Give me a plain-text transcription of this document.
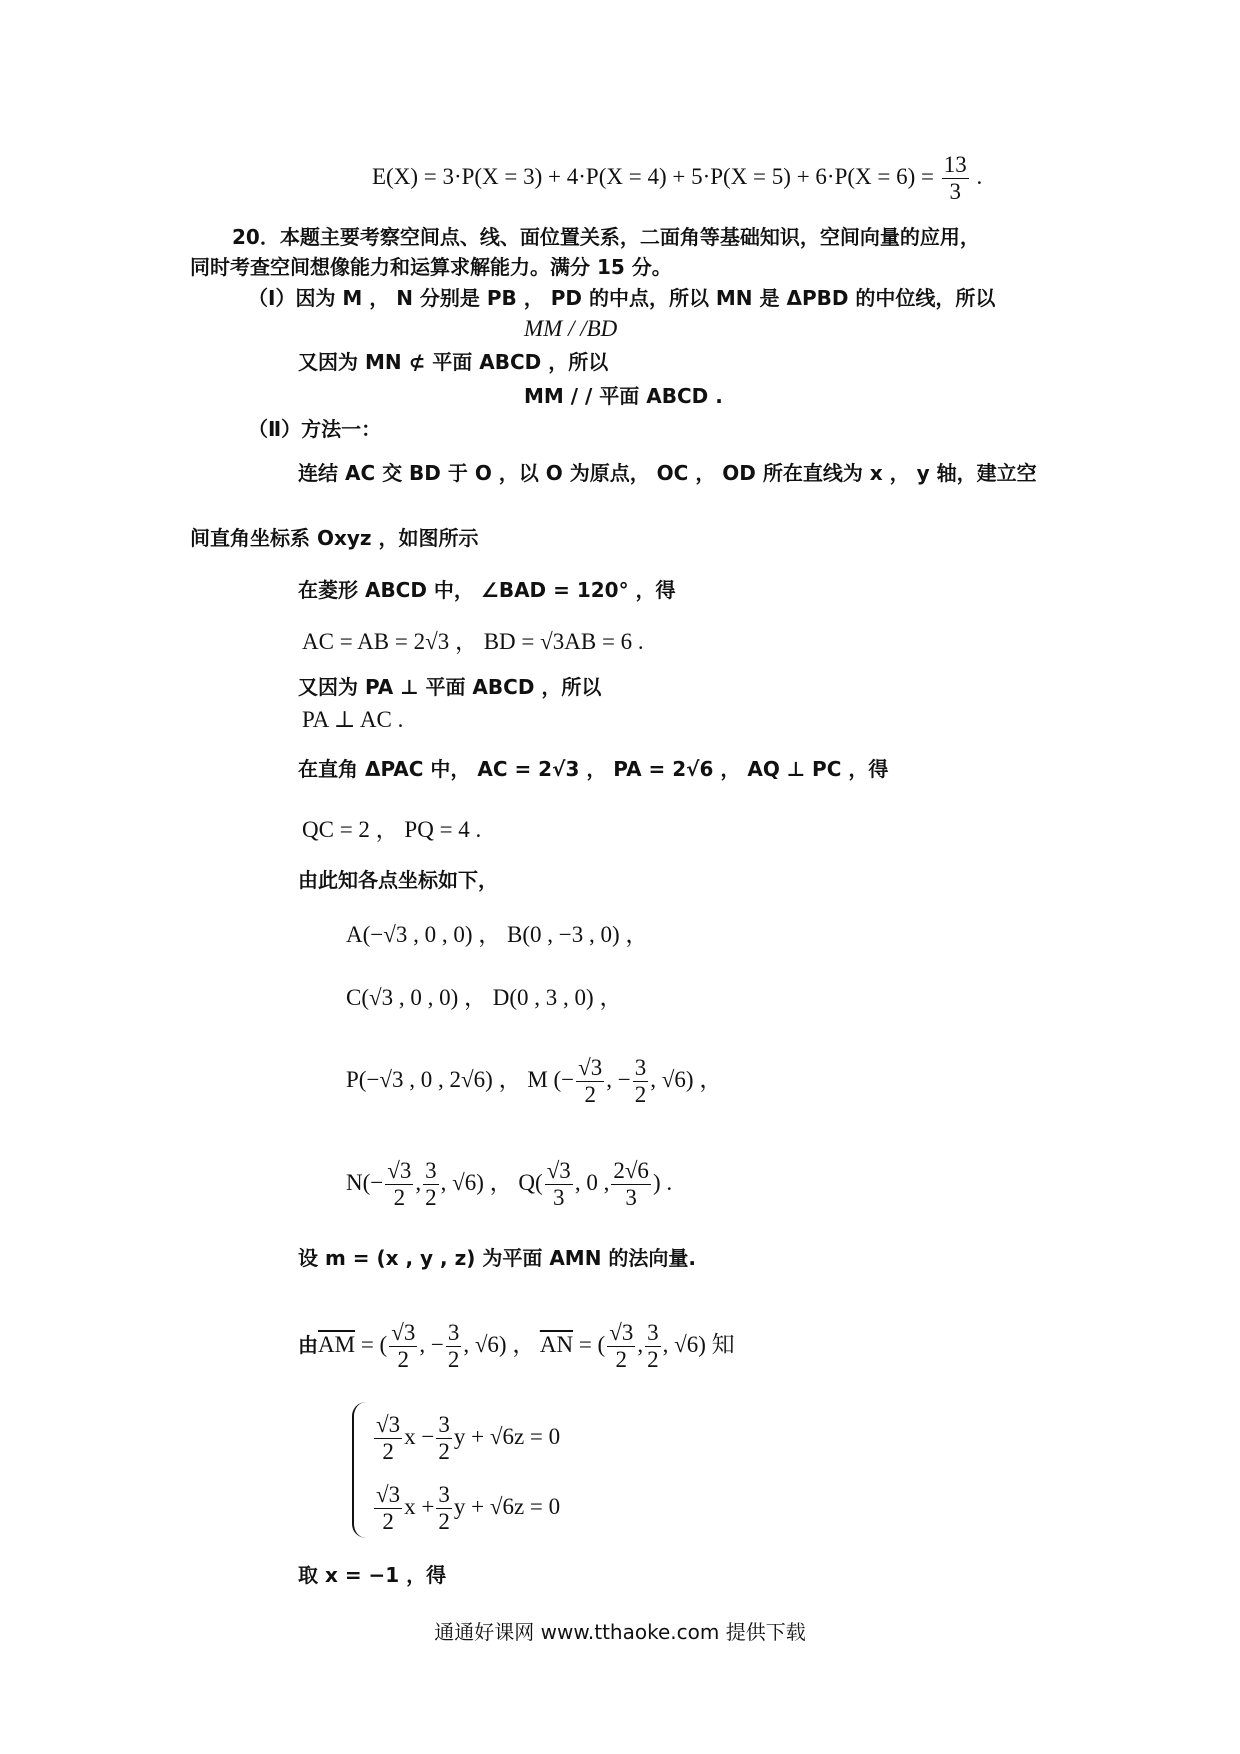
$E(X) = 3\cdot P(X = 3) + 4\cdot P(X = 4) + 5\cdot P(X = 5) + 6\cdot P(X = 6) = \frac{13}{3}$ .
20．本题主要考察空间点、线、面位置关系，二面角等基础知识，空间向量的应用，
同时考查空间想像能力和运算求解能力。满分 15 分。
（Ⅰ）因为 M ， N 分别是 PB ， PD 的中点，所以 MN 是 ΔPBD 的中位线，所以
MM / /BD
又因为 MN ⊄ 平面 ABCD ，所以
MM / / 平面 ABCD .
（Ⅱ）方法一：
连结 AC 交 BD 于 O ，以 O 为原点， OC ， OD 所在直线为 x ， y 轴，建立空
间直角坐标系 Oxyz ，如图所示
在菱形 ABCD 中， ∠BAD = 120° ，得
AC = AB = 2√3 ， BD = √3AB = 6 .
又因为 PA ⊥ 平面 ABCD ，所以
PA ⊥ AC .
在直角 ΔPAC 中， AC = 2√3 ， PA = 2√6 ， AQ ⊥ PC ，得
QC = 2 ， PQ = 4 .
由此知各点坐标如下，
A(−√3 , 0 , 0) ， B(0 , −3 , 0) ，
C(√3 , 0 , 0) ， D(0 , 3 , 0) ，
P(−√3 , 0 , 2√6) ， M (− $\frac{√3}{2}$ , − $\frac{3}{2}$ , √6) ，
$N(- \frac{√3}{2}$ , $\frac{3}{2}$ , √6) ， $Q( \frac{√3}{3}$ , 0 , $\frac{2√6}{3}$ ) .
设 m = (x , y , z) 为平面 AMN 的法向量.
由$\overline{AM}$ = ( $\frac{√3}{2}$ , − $\frac{3}{2}$ , √6) ， $\overline{AN}$ = ( $\frac{√3}{2}$ , $\frac{3}{2}$ , √6) 知
$\frac{√3}{2}$ $x - \frac{3}{2}$ y + √6z = 0
$\frac{√3}{2}$ $x + \frac{3}{2}$ y + √6z = 0
取 x = −1 ，得
通通好课网 www.tthaoke.com 提供下载
